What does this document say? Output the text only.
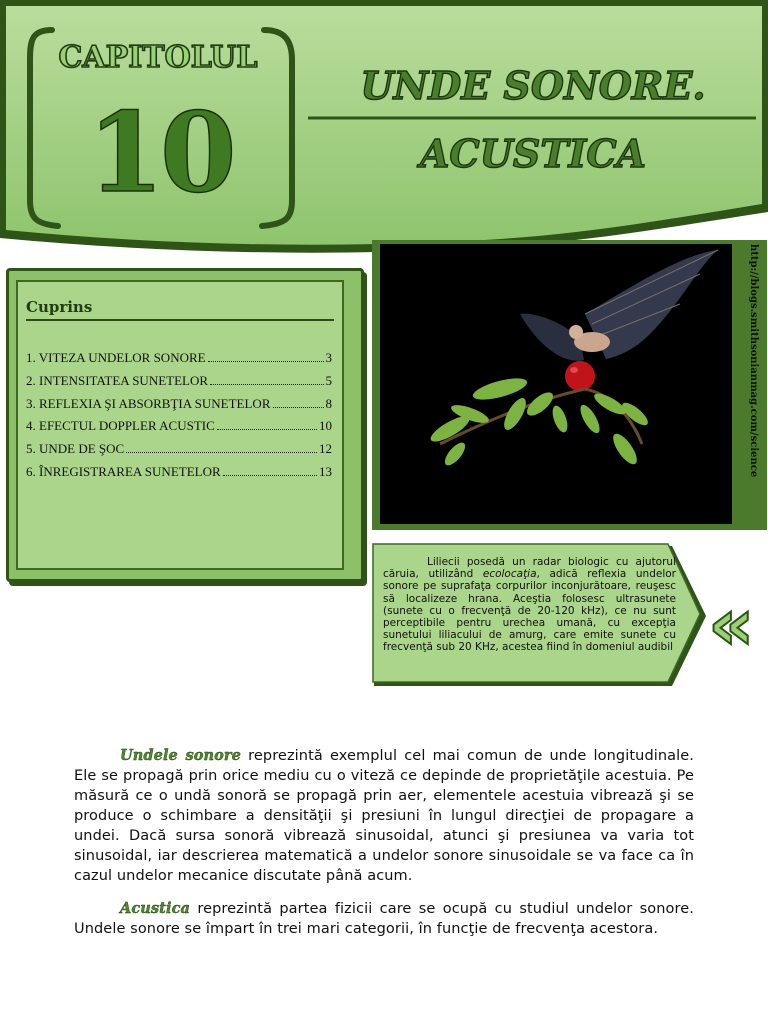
CAPITOLUL
10
UNDE SONORE.
ACUSTICA
Cuprins
1. VITEZA UNDELOR SONORE	3
2. INTENSITATEA SUNETELOR	5
3. REFLEXIA ŞI ABSORBŢIA SUNETELOR	8
4. EFECTUL DOPPLER ACUSTIC	10
5. UNDE DE ŞOC	12
6. ÎNREGISTRAREA SUNETELOR	13	http://blogs.smithsonianmag.com/science
Liliecii posedă un radar biologic cu ajutorul căruia, utilizând ecolocaţia, adică reflexia undelor sonore pe suprafaţa corpurilor inconjurătoare, reuşesc să localizeze hrana. Aceştia folosesc ultrasunete (sunete cu o frecvenţă de 20-120 kHz), ce nu sunt perceptibile pentru urechea umană, cu excepţia sunetului liliacului de amurg, care emite sunete cu frecvenţă sub 20 KHz, acestea fiind în domeniul audibil «
Undele sonore reprezintă exemplul cel mai comun de unde longitudinale. Ele se propagă prin orice mediu cu o viteză ce depinde de proprietăţile acestuia. Pe măsură ce o undă sonoră se propagă prin aer, elementele acestuia vibrează şi se produce o schimbare a densităţii şi presiuni în lungul direcţiei de propagare a undei. Dacă sursa sonoră vibrează sinusoidal, atunci şi presiunea va varia tot sinusoidal, iar descrierea matematică a undelor sonore sinusoidale se va face ca în cazul undelor mecanice discutate până acum.
Acustica reprezintă partea fizicii care se ocupă cu studiul undelor sonore. Undele sonore se împart în trei mari categorii, în funcţie de frecvenţa acestora.
